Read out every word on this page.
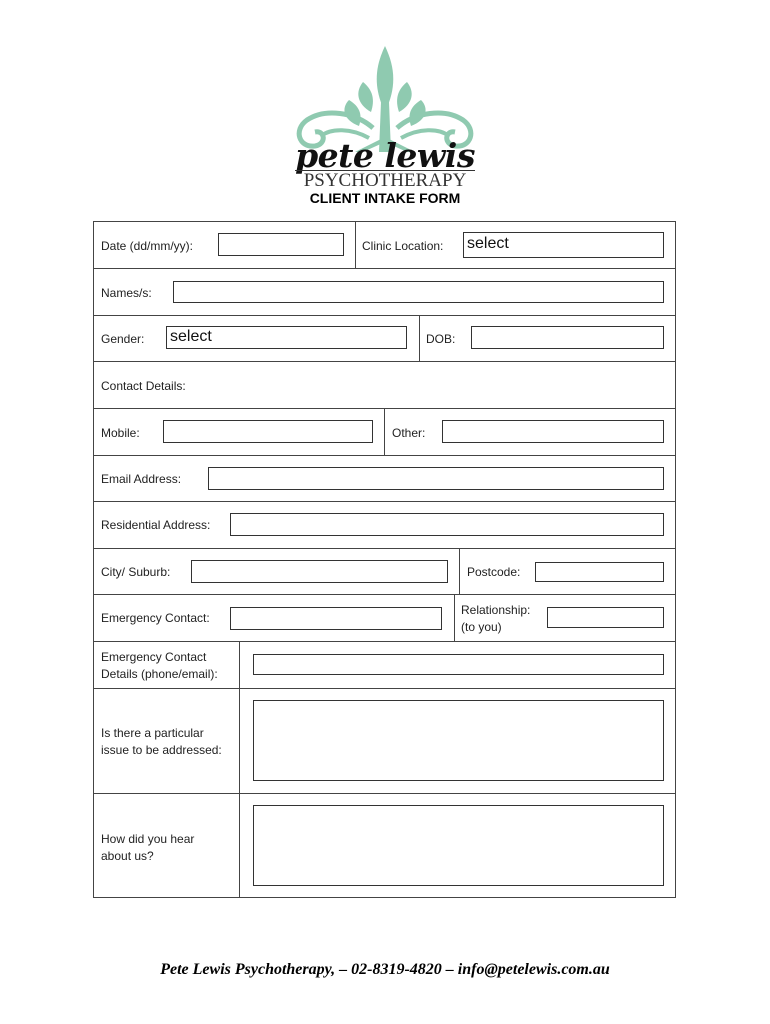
pete lewis
PSYCHOTHERAPY
CLIENT INTAKE FORM
Date (dd/mm/yy):	Clinic Location: select
Names/s:
Gender: select	DOB:
Contact Details:
Mobile:	Other:
Email Address:
Residential Address:
City/ Suburb:	Postcode:
Emergency Contact:
Relationship:
(to you)
Emergency Contact
Details (phone/email):
Is there a particular
issue to be addressed:
How did you hear
about us?
Pete Lewis Psychotherapy, – 02-8319-4820 – info@petelewis.com.au
